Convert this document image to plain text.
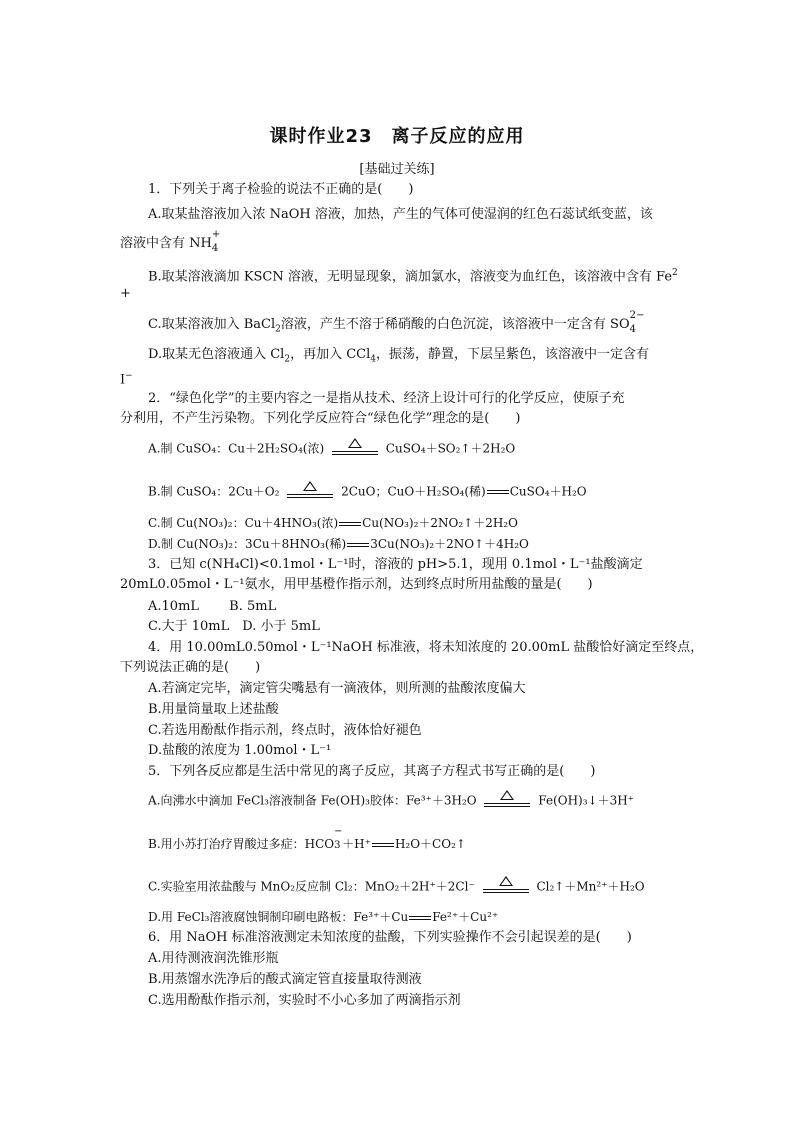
课时作业23　离子反应的应用
[基础过关练]
1．下列关于离子检验的说法不正确的是(　　)
A.取某盐溶液加入浓 NaOH 溶液，加热，产生的气体可使湿润的红色石蕊试纸变蓝，该
溶液中含有 NH
+
4
B.取某溶液滴加 KSCN 溶液，无明显现象，滴加氯水，溶液变为血红色，该溶液中含有 $Fe^2$
+
C.取某溶液加入 BaCl$_2$溶液，产生不溶于稀硝酸的白色沉淀，该溶液中一定含有 SO
2−
4
D.取某无色溶液通入 $Cl_2$，再加入 CCl$_4$，振荡，静置，下层呈紫色，该溶液中一定含有
I−
2．“绿色化学”的主要内容之一是指从技术、经济上设计可行的化学反应，使原子充
分利用，不产生污染物。下列化学反应符合“绿色化学”理念的是(　　)
A.制 CuSO₄：Cu＋2H₂SO₄(浓)	CuSO₄＋SO₂↑＋2H₂O
B.制 CuSO₄：2Cu＋O₂	2CuO；CuO＋H₂SO₄(稀) CuSO₄＋H₂O
C.制 Cu(NO₃)₂：Cu＋4HNO₃(浓) Cu(NO₃)₂＋2NO₂↑＋2H₂O
D.制 Cu(NO₃)₂：3Cu＋8HNO₃(稀) 3Cu(NO₃)₂＋2NO↑＋4H₂O
3．已知 c(NH₄Cl)<0.1mol・L⁻¹时，溶液的 pH>5.1，现用 0.1mol・L⁻¹盐酸滴定
20mL0.05mol・L⁻¹氨水，用甲基橙作指示剂，达到终点时所用盐酸的量是(　　)
A.10mL　　 B. 5mL
C.大于 10mL　D. 小于 5mL
4．用 10.00mL0.50mol・L⁻¹NaOH 标准液，将未知浓度的 20.00mL 盐酸恰好滴定至终点，
下列说法正确的是(　　)
A.若滴定完毕，滴定管尖嘴悬有一滴液体，则所测的盐酸浓度偏大
B.用量筒量取上述盐酸
C.若选用酚酞作指示剂，终点时，液体恰好褪色
D.盐酸的浓度为 1.00mol・L⁻¹
5．下列各反应都是生活中常见的离子反应，其离子方程式书写正确的是(　　)
A.向沸水中滴加 FeCl₃溶液制备 Fe(OH)₃胶体：Fe³⁺＋3H₂O	Fe(OH)₃↓＋3H⁺
B.用小苏打治疗胃酸过多症：HCO
−
3 ＋H⁺ H₂O＋CO₂↑
C.实验室用浓盐酸与 MnO₂反应制 Cl₂：MnO₂＋2H⁺＋2Cl⁻	Cl₂↑＋Mn²⁺＋H₂O
D.用 FeCl₃溶液腐蚀铜制印刷电路板：Fe³⁺＋Cu Fe²⁺＋Cu²⁺
6．用 NaOH 标准溶液测定未知浓度的盐酸，下列实验操作不会引起误差的是(　　)
A.用待测液润洗锥形瓶
B.用蒸馏水洗净后的酸式滴定管直接量取待测液
C.选用酚酞作指示剂，实验时不小心多加了两滴指示剂
